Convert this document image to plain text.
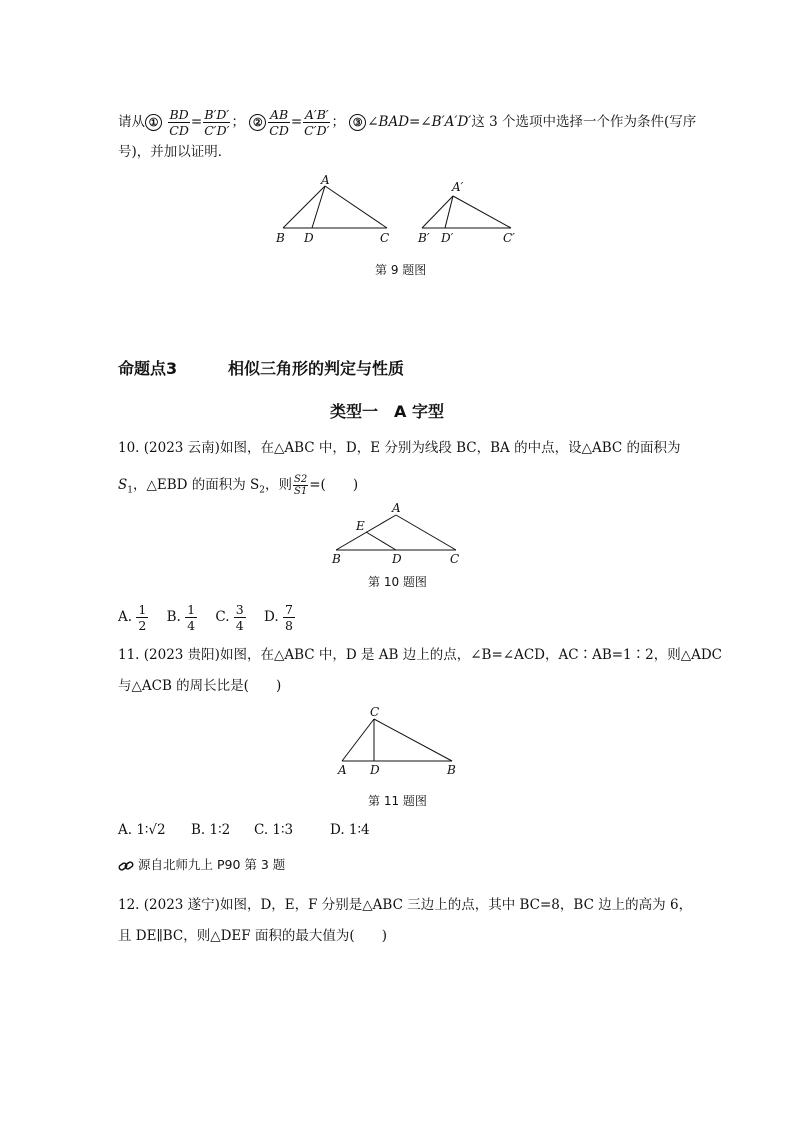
请从 ① $\frac{BD}{CD} = \frac{B'D'}{C'D'}$ ； ② $\frac{AB}{CD} = \frac{A'B'}{C'D'}$ ； ③ ∠BAD=∠B′A′D′这 3 个选项中选择一个作为条件(写序
号)，并加以证明．
A
B D	C
A′
B′ D′	C′
第 9 题图
命题点3	相似三角形的判定与性质
类型一　A 字型
10. (2023 云南)如图，在△ABC 中，D，E 分别为线段 BC，BA 的中点，设△ABC 的面积为
$S_1$，△EBD 的面积为 $S_2$，则 $\frac{S2}{S1}$ =(　　)
A
E
B	D	C
第 10 题图
A. $\frac{1}{2} B$. $\frac{1}{4} C$. $\frac{3}{4} D$. $\frac{7}{8}$
11. (2023 贵阳)如图，在△ABC 中，D 是 AB 边上的点，∠B=∠ACD，AC∶AB=1∶2，则△ADC
与△ACB 的周长比是(　　)
C
A D	B
第 11 题图
A. 1∶√2 B. 1∶2 C. 1∶3	D. 1∶4
源自北师九上 P90 第 3 题
12. (2023 遂宁)如图，D，E，F 分别是△ABC 三边上的点，其中 BC=8，BC 边上的高为 6，
且 DE∥BC，则△DEF 面积的最大值为(　　)
